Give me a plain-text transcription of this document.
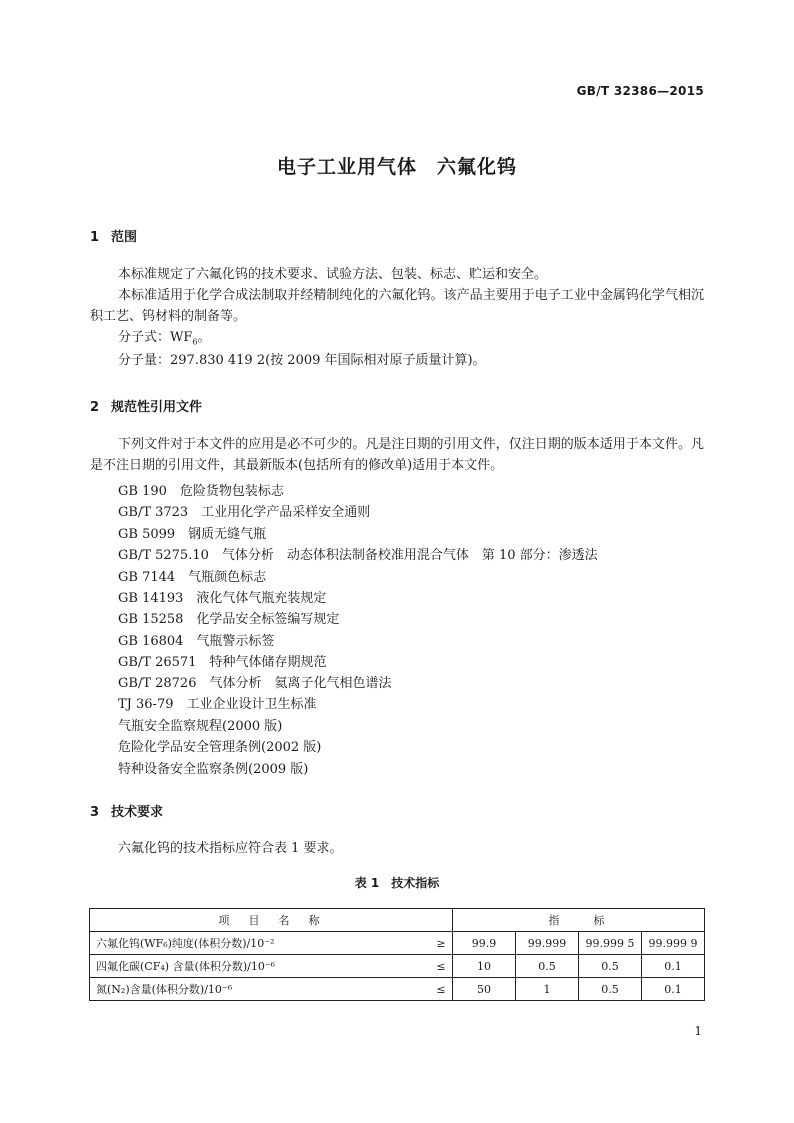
GB/T 32386—2015
电子工业用气体　六氟化钨
1 范围
本标准规定了六氟化钨的技术要求、试验方法、包装、标志、贮运和安全。
本标准适用于化学合成法制取并经精制纯化的六氟化钨。该产品主要用于电子工业中金属钨化学气相沉积工艺、钨材料的制备等。
分子式：$WF_6$。
分子量：297.830 419 2(按 2009 年国际相对原子质量计算)。
2 规范性引用文件
下列文件对于本文件的应用是必不可少的。凡是注日期的引用文件，仅注日期的版本适用于本文件。凡是不注日期的引用文件，其最新版本(包括所有的修改单)适用于本文件。
GB 190　危险货物包装标志
GB/T 3723　工业用化学产品采样安全通则
GB 5099　钢质无缝气瓶
GB/T 5275.10　气体分析　动态体积法制备校准用混合气体　第 10 部分：渗透法
GB 7144　气瓶颜色标志
GB 14193　液化气体气瓶充装规定
GB 15258　化学品安全标签编写规定
GB 16804　气瓶警示标签
GB/T 26571　特种气体储存期规范
GB/T 28726　气体分析　氦离子化气相色谱法
TJ 36-79　工业企业设计卫生标准
气瓶安全监察规程(2000 版)
危险化学品安全管理条例(2002 版)
特种设备安全监察条例(2009 版)
3 技术要求
六氟化钨的技术指标应符合表 1 要求。
表 1　技术指标
项　目　名　称		指　　标			
六氟化钨(WF₆)纯度(体积分数)/10⁻²	≥	99.9	99.999	99.999 5	99.999 9
四氟化碳(CF₄) 含量(体积分数)/10⁻⁶	≤	10	0.5	0.5	0.1
氮(N₂)含量(体积分数)/10⁻⁶	≤	50	1	0.5	0.1
1
